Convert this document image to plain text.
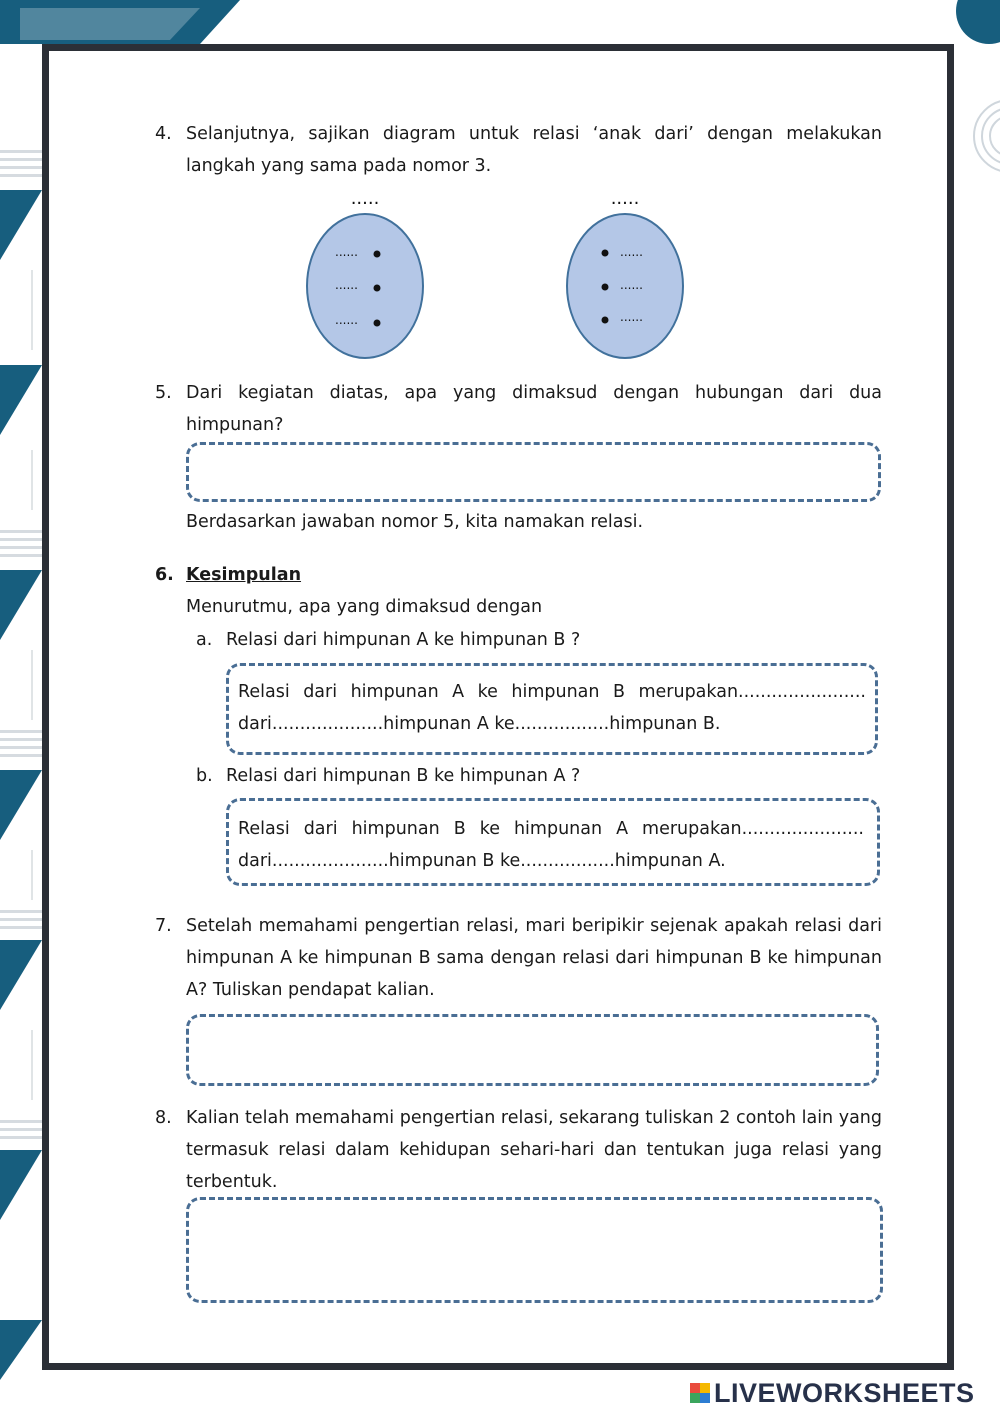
4. Selanjutnya, sajikan diagram untuk relasi ‘anak dari’ dengan melakukan langkah yang sama pada nomor 3.
.....	.....
......
......
......
......
......
......
5. Dari kegiatan diatas, apa yang dimaksud dengan hubungan dari dua himpunan?
Berdasarkan jawaban nomor 5, kita namakan relasi.
6. Kesimpulan
Menurutmu, apa yang dimaksud dengan
a. Relasi dari himpunan A ke himpunan B ?
Relasi dari himpunan A ke himpunan B merupakan.......................
dari....................himpunan A ke.................himpunan B.
b. Relasi dari himpunan B ke himpunan A ?
Relasi dari himpunan B ke himpunan A merupakan......................
dari.....................himpunan B ke.................himpunan A.
7. Setelah memahami pengertian relasi, mari beripikir sejenak apakah relasi dari himpunan A ke himpunan B sama dengan relasi dari himpunan B ke himpunan A? Tuliskan pendapat kalian.
8. Kalian telah memahami pengertian relasi, sekarang tuliskan 2 contoh lain yang termasuk relasi dalam kehidupan sehari-hari dan tentukan juga relasi yang terbentuk.
LIVEWORKSHEETS
